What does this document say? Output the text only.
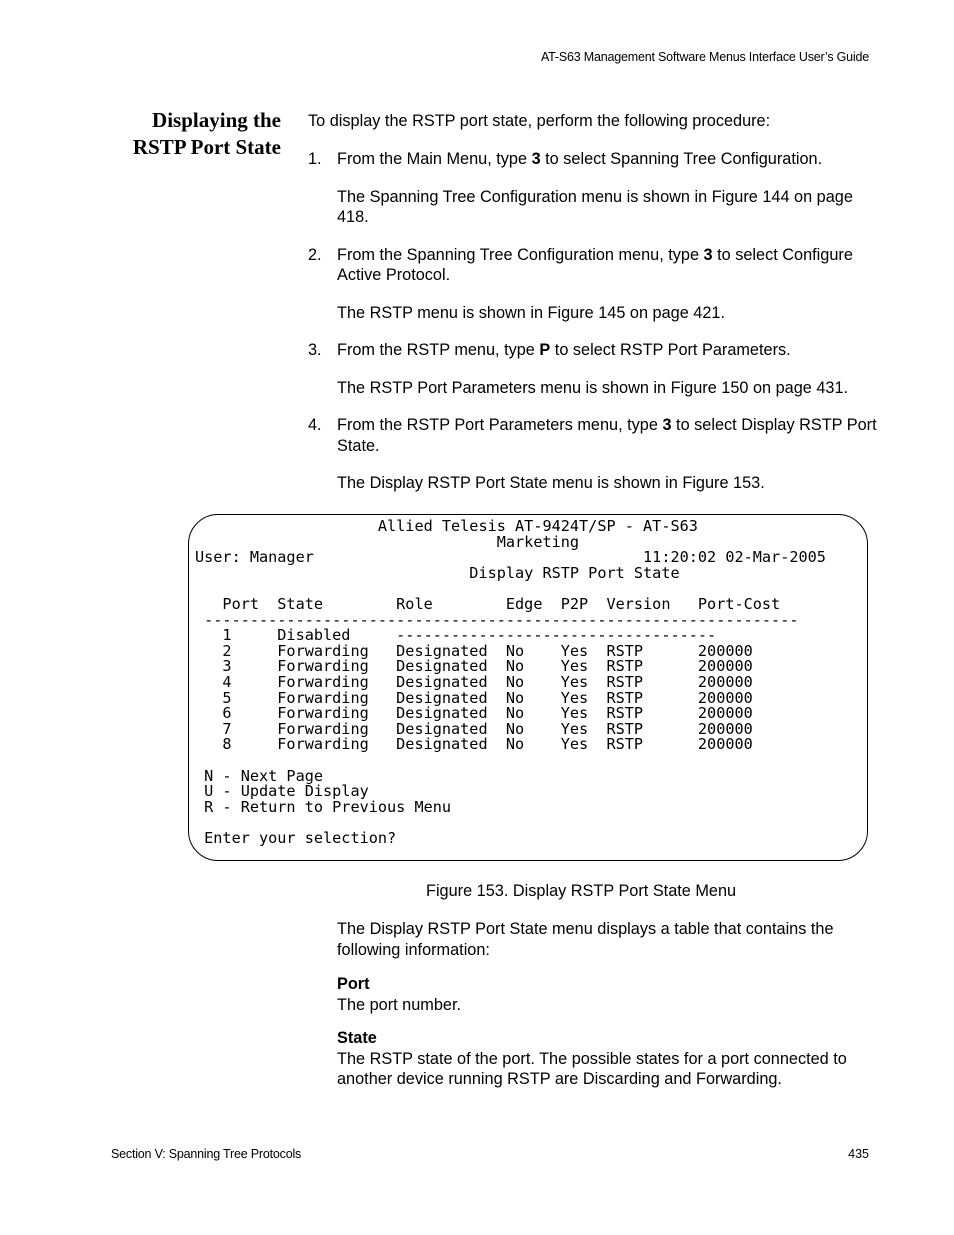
AT-S63 Management Software Menus Interface User’s Guide
Displaying the
RSTP Port State

To display the RSTP port state, perform the following procedure:

1. From the Main Menu, type 3 to select Spanning Tree Configuration.

The Spanning Tree Configuration menu is shown in Figure 144 on page 418.

2. From the Spanning Tree Configuration menu, type 3 to select Configure Active Protocol.

The RSTP menu is shown in Figure 145 on page 421.

3. From the RSTP menu, type P to select RSTP Port Parameters.

The RSTP Port Parameters menu is shown in Figure 150 on page 431.

4. From the RSTP Port Parameters menu, type 3 to select Display RSTP Port State.

The Display RSTP Port State menu is shown in Figure 153.

Allied Telesis AT-9424T/SP - AT-S63
Marketing
User: Manager                                    11:20:02 02-Mar-2005
Display RSTP Port State

Port  State        Role        Edge  P2P  Version   Port-Cost
-----------------------------------------------------------------
1     Disabled     -----------------------------------
2     Forwarding   Designated  No    Yes  RSTP      200000
3     Forwarding   Designated  No    Yes  RSTP      200000
4     Forwarding   Designated  No    Yes  RSTP      200000
5     Forwarding   Designated  No    Yes  RSTP      200000
6     Forwarding   Designated  No    Yes  RSTP      200000
7     Forwarding   Designated  No    Yes  RSTP      200000
8     Forwarding   Designated  No    Yes  RSTP      200000

N - Next Page
U - Update Display
R - Return to Previous Menu

Enter your selection?
Figure 153. Display RSTP Port State Menu

The Display RSTP Port State menu displays a table that contains the following information:

Port
The port number.
State
The RSTP state of the port. The possible states for a port connected to another device running RSTP are Discarding and Forwarding.
Section V: Spanning Tree Protocols	435
